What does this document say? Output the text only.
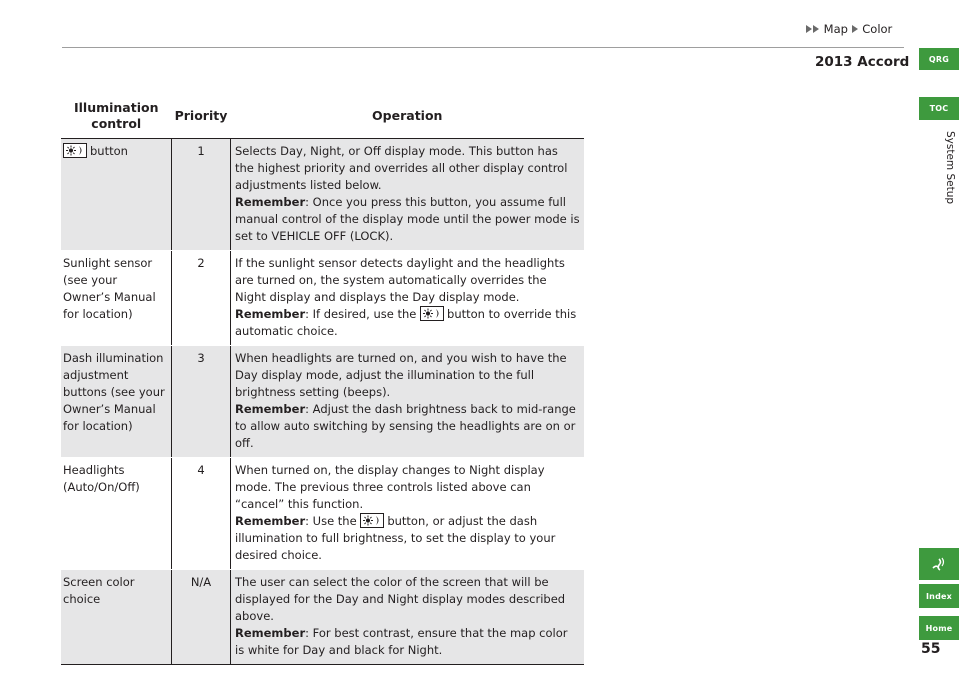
Map Color
2013 Accord	QRG
TOC
System Setup
Index
Home
55
Illumination control	Priority	Operation
button	1	Selects Day, Night, or Off display mode. This button has the highest priority and overrides all other display control adjustments listed below.
Remember: Once you press this button, you assume full manual control of the display mode until the power mode is set to VEHICLE OFF (LOCK).
Sunlight sensor (see your Owner’s Manual for location)	2	If the sunlight sensor detects daylight and the headlights are turned on, the system automatically overrides the Night display and displays the Day display mode.
Remember: If desired, use the button to override this automatic choice.
Dash illumination adjustment buttons (see your Owner’s Manual for location)	3	When headlights are turned on, and you wish to have the Day display mode, adjust the illumination to the full brightness setting (beeps).
Remember: Adjust the dash brightness back to mid-range to allow auto switching by sensing the headlights are on or off.
Headlights (Auto/On/Off)	4	When turned on, the display changes to Night display mode. The previous three controls listed above can “cancel” this function.
Remember: Use the button, or adjust the dash illumination to full brightness, to set the display to your desired choice.
Screen color choice	N/A	The user can select the color of the screen that will be displayed for the Day and Night display modes described above.
Remember: For best contrast, ensure that the map color is white for Day and black for Night.
